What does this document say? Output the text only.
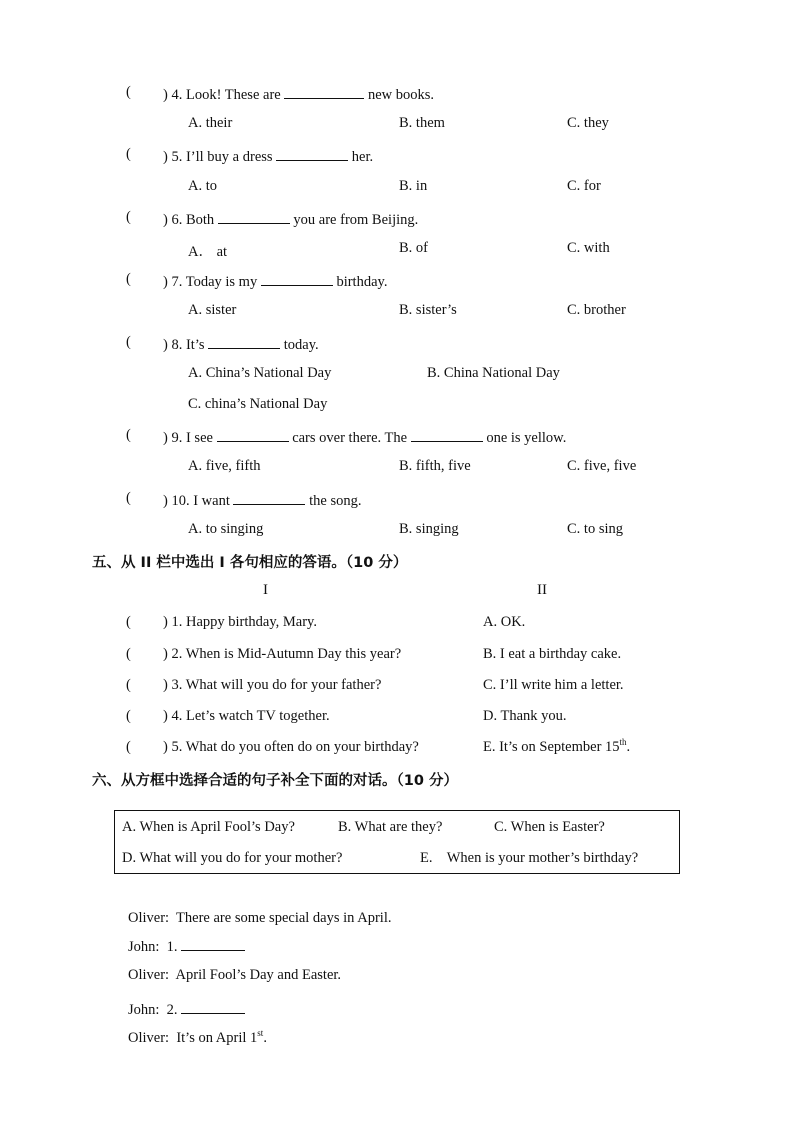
( ) 4. Look! These are	new books.
A. their	B. them	C. they
( ) 5. I’ll buy a dress	her.
A. to	B. in	C. for
( ) 6. Both	you are from Beijing.
A． at	B. of	C. with
( ) 7. Today is my	birthday.
A. sister	B. sister’s	C. brother
( ) 8. It’s	today.
A. China’s National Day	B. China National Day
C. china’s National Day
( ) 9. I see	cars over there. The	one is yellow.
A. five, fifth	B. fifth, five	C. five, five
( ) 10. I want	the song.
A. to singing	B. singing	C. to sing
五、从 II 栏中选出 I 各句相应的答语。（10 分）
I	II
( ) 1. Happy birthday, Mary.	A. OK.
( ) 2. When is Mid-Autumn Day this year?	B. I eat a birthday cake.
( ) 3. What will you do for your father?	C. I’ll write him a letter.
( ) 4. Let’s watch TV together.	D. Thank you.
( ) 5. What do you often do on your birthday?	E. It’s on September 15th.
六、从方框中选择合适的句子补全下面的对话。（10 分）
A. When is April Fool’s Day?	B. What are they?	C. When is Easter?
D. What will you do for your mother?	E.    When is your mother’s birthday?
Oliver:  There are some special days in April.
John:  1.
Oliver:  April Fool’s Day and Easter.
John:  2.
Oliver:  It’s on April 1st.
